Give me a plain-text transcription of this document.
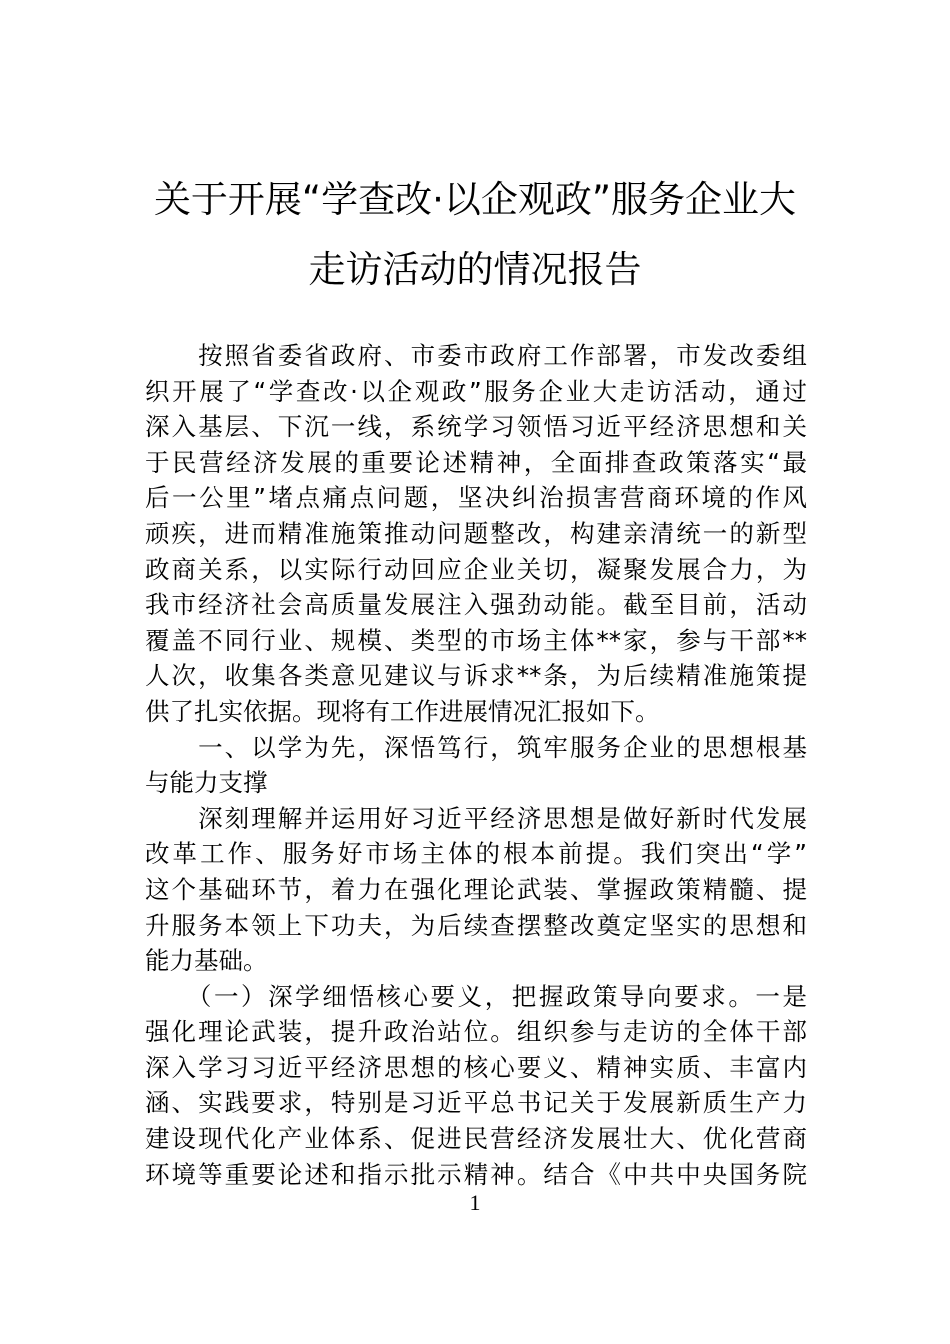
关于开展“学查改·以企观政”服务企业大
走访活动的情况报告

　　按照省委省政府、市委市政府工作部署，市发改委组
织开展了“学查改·以企观政”服务企业大走访活动，通过
深入基层、下沉一线，系统学习领悟习近平经济思想和关
于民营经济发展的重要论述精神，全面排查政策落实“最
后一公里”堵点痛点问题，坚决纠治损害营商环境的作风
顽疾，进而精准施策推动问题整改，构建亲清统一的新型
政商关系，以实际行动回应企业关切，凝聚发展合力，为
我市经济社会高质量发展注入强劲动能。截至目前，活动
覆盖不同行业、规模、类型的市场主体**家，参与干部**
人次，收集各类意见建议与诉求**条，为后续精准施策提
供了扎实依据。现将有工作进展情况汇报如下。

　　一、以学为先，深悟笃行，筑牢服务企业的思想根基
与能力支撑

　　深刻理解并运用好习近平经济思想是做好新时代发展
改革工作、服务好市场主体的根本前提。我们突出“学”
这个基础环节，着力在强化理论武装、掌握政策精髓、提
升服务本领上下功夫，为后续查摆整改奠定坚实的思想和
能力基础。

　　（一）深学细悟核心要义，把握政策导向要求。一是
强化理论武装，提升政治站位。组织参与走访的全体干部
深入学习习近平经济思想的核心要义、精神实质、丰富内
涵、实践要求，特别是习近平总书记关于发展新质生产力
建设现代化产业体系、促进民营经济发展壮大、优化营商
环境等重要论述和指示批示精神。结合《中共中央国务院

1
